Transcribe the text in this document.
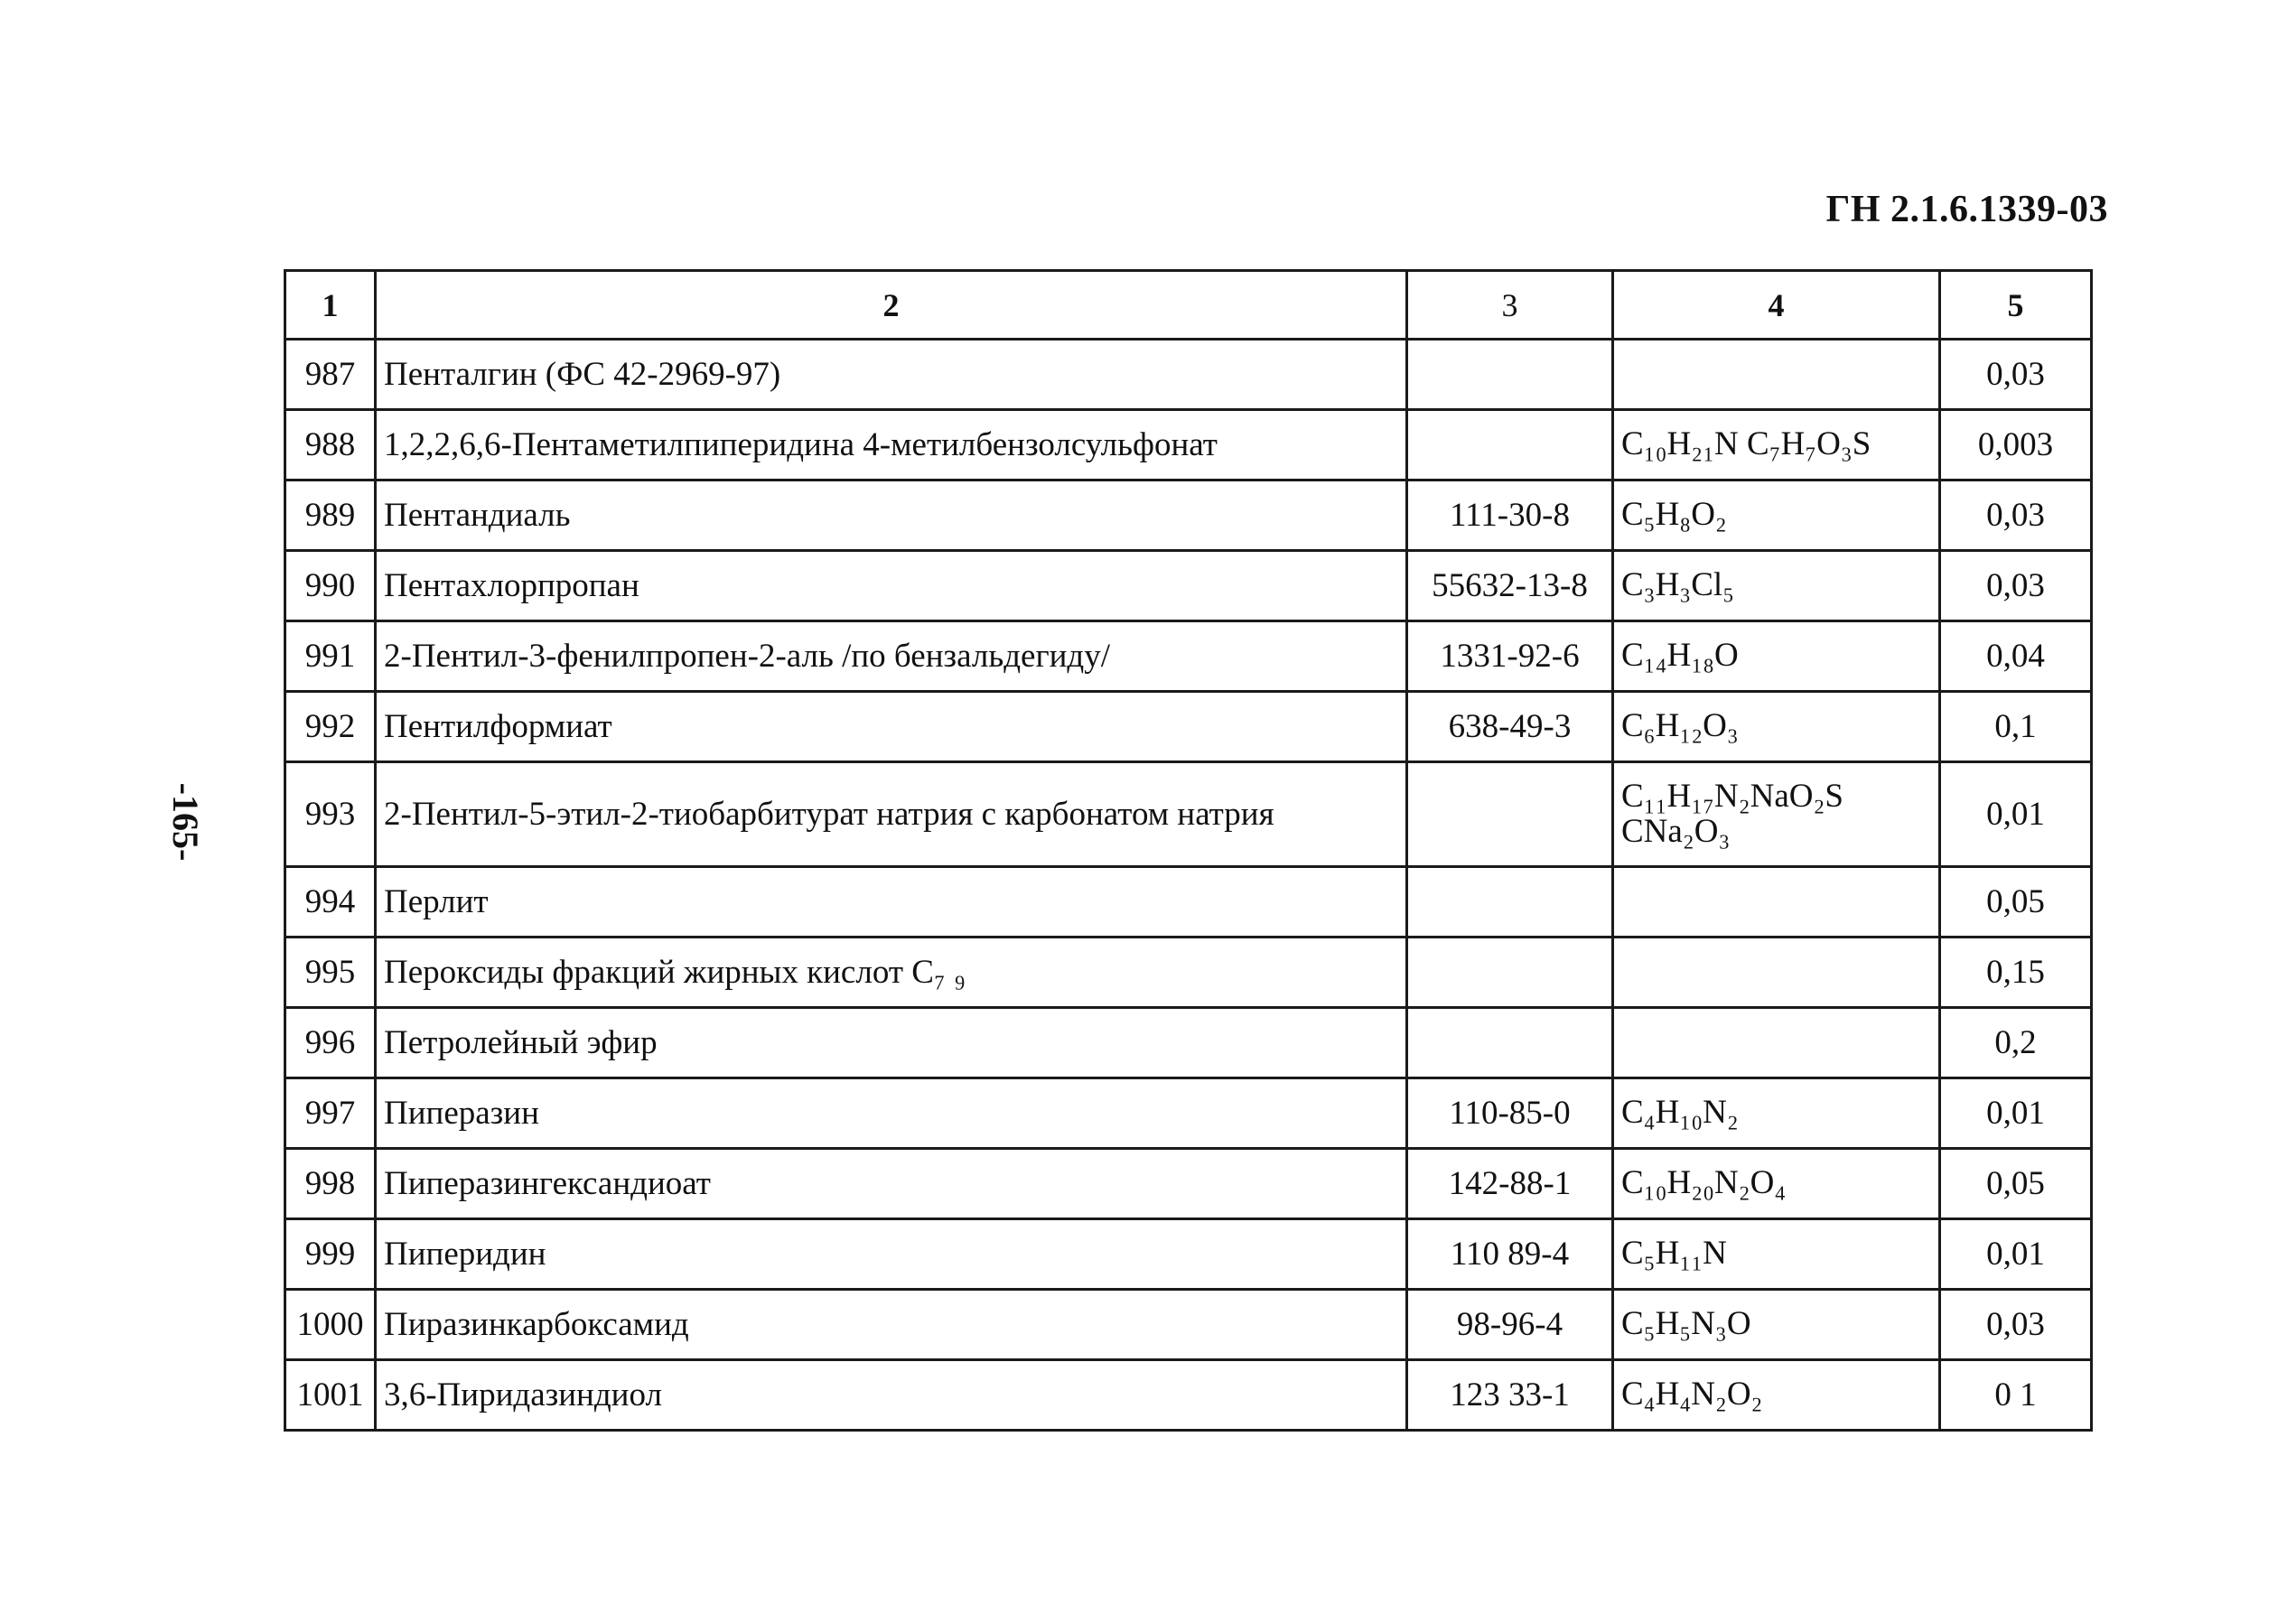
ГН 2.1.6.1339-03
-165-
1	2	3	4	5
987	Пенталгин (ФС 42-2969-97)			0,03
988	1,2,2,6,6-Пентаметилпиперидина 4-метилбензолсульфонат		C₁₀H₂₁N C₇H₇O₃S	0,003
989	Пентандиаль	111-30-8	C₅H₈O₂	0,03
990	Пентахлорпропан	55632-13-8	C₃H₃Cl₅	0,03
991	2-Пентил-3-фенилпропен-2-аль /по бензальдегиду/	1331-92-6	C₁₄H₁₈O	0,04
992	Пентилформиат	638-49-3	C₆H₁₂O₃	0,1
993	2-Пентил-5-этил-2-тиобарбитурат натрия с карбонатом натрия		C₁₁H₁₇N₂NaO₂S
CNa₂O₃	0,01
994	Перлит			0,05
995	Пероксиды фракций жирных кислот C₇ ₉			0,15
996	Петролейный эфир			0,2
997	Пиперазин	110-85-0	C₄H₁₀N₂	0,01
998	Пиперазингександиоат	142-88-1	C₁₀H₂₀N₂O₄	0,05
999	Пиперидин	110 89-4	C₅H₁₁N	0,01
1000	Пиразинкарбоксамид	98-96-4	C₅H₅N₃O	0,03
1001	3,6-Пиридазиндиол	123 33-1	C₄H₄N₂O₂	0 1
